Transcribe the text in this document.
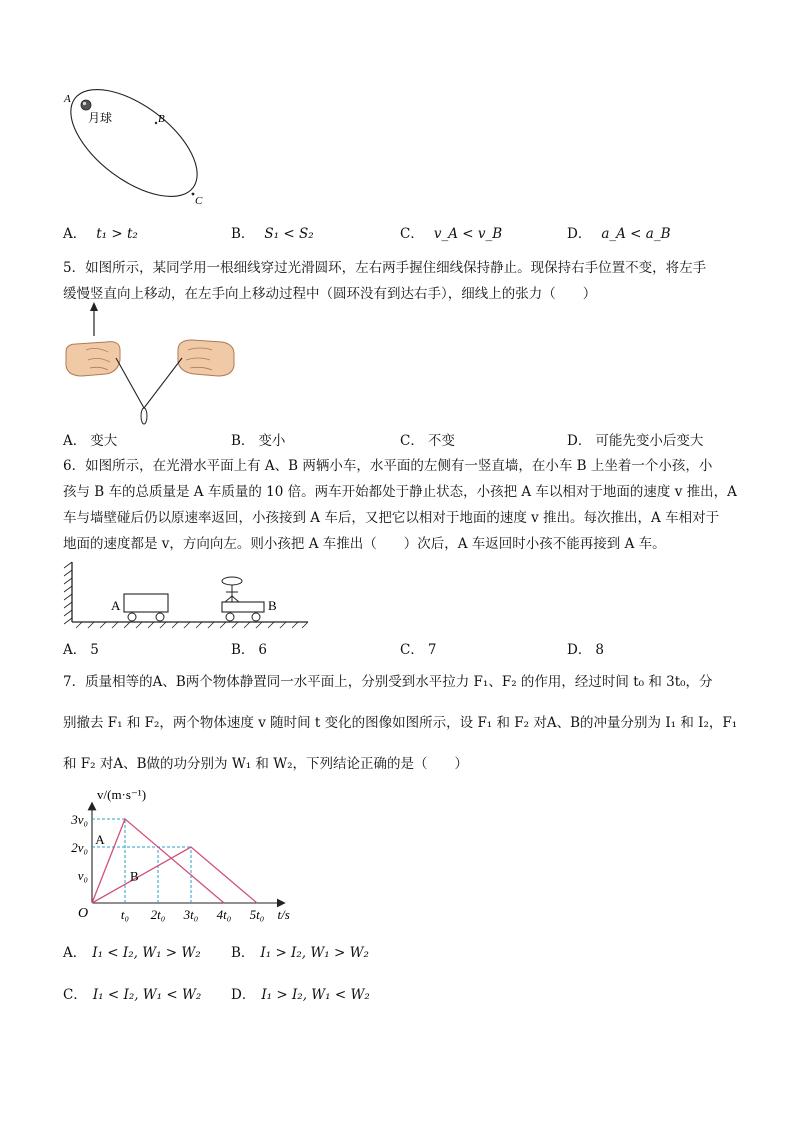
A
B
C
月球
A． t₁ > t₂	B． S₁ < S₂	C． v_A < v_B	D． a_A < a_B
5．如图所示，某同学用一根细线穿过光滑圆环，左右两手握住细线保持静止。现保持右手位置不变，将左手
缓慢竖直向上移动，在左手向上移动过程中（圆环没有到达右手），细线上的张力（　　）
A． 变大	B． 变小	C． 不变	D． 可能先变小后变大
6．如图所示，在光滑水平面上有 A、B 两辆小车，水平面的左侧有一竖直墙，在小车 B 上坐着一个小孩，小
孩与 B 车的总质量是 A 车质量的 10 倍。两车开始都处于静止状态，小孩把 A 车以相对于地面的速度 v 推出，A
车与墙壁碰后仍以原速率返回，小孩接到 A 车后，又把它以相对于地面的速度 v 推出。每次推出，A 车相对于
地面的速度都是 v，方向向左。则小孩把 A 车推出（　　）次后，A 车返回时小孩不能再接到 A 车。
A	B
A． 5	B． 6	C． 7	D． 8
7．质量相等的A、B两个物体静置同一水平面上，分别受到水平拉力 F₁、F₂ 的作用，经过时间 t₀ 和 3t₀，分
别撤去 F₁ 和 F₂，两个物体速度 v 随时间 t 变化的图像如图所示，设 F₁ 和 F₂ 对A、B的冲量分别为 I₁ 和 I₂，F₁
和 F₂ 对A、B做的功分别为 W₁ 和 W₂，下列结论正确的是（　　）
A
B
v₀
2v₀
3v₀
t₀ 2t₀ 3t₀ 4t₀ 5t₀
O
v/(m·s⁻¹)
t/s
A． I₁ < I₂, W₁ > W₂ B． I₁ > I₂, W₁ > W₂
C． I₁ < I₂, W₁ < W₂ D． I₁ > I₂, W₁ < W₂
